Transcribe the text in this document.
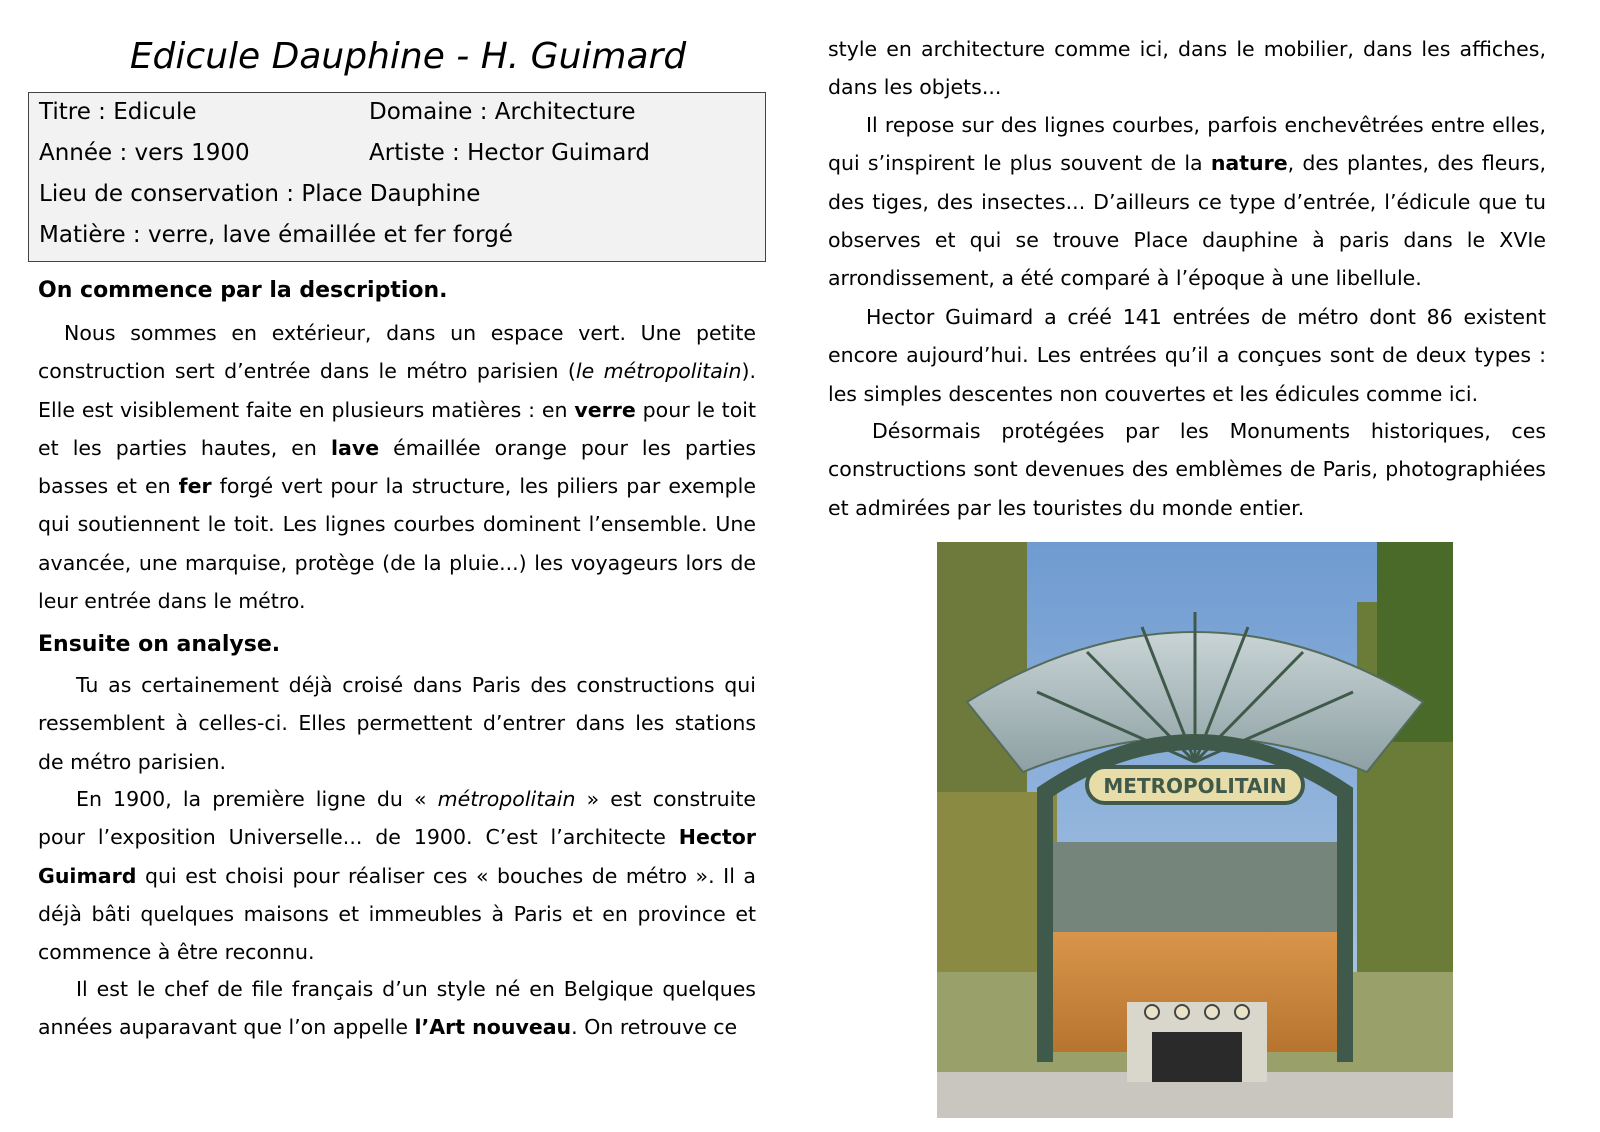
Edicule Dauphine - H. Guimard
Titre : Edicule	Domaine : Architecture
Année : vers 1900	Artiste : Hector Guimard
Lieu de conservation : Place Dauphine
Matière : verre, lave émaillée et fer forgé
On commence par la description.
Nous sommes en extérieur, dans un espace vert. Une petite construction sert d’entrée dans le métro parisien (le métropolitain). Elle est visiblement faite en plusieurs matières : en verre pour le toit et les parties hautes, en lave émaillée orange pour les parties basses et en fer forgé vert pour la structure, les piliers par exemple qui soutiennent le toit. Les lignes courbes dominent l’ensemble. Une avancée, une marquise, protège (de la pluie...) les voyageurs lors de leur entrée dans le métro.
Ensuite on analyse.
Tu as certainement déjà croisé dans Paris des constructions qui ressemblent à celles-ci. Elles permettent d’entrer dans les stations de métro parisien.
En 1900, la première ligne du « métropolitain » est construite pour l’exposition Universelle... de 1900. C’est l’architecte Hector Guimard qui est choisi pour réaliser ces « bouches de métro ». Il a déjà bâti quelques maisons et immeubles à Paris et en province et commence à être reconnu.
Il est le chef de file français d’un style né en Belgique quelques années auparavant que l’on appelle l’Art nouveau. On retrouve ce
style en architecture comme ici, dans le mobilier, dans les affiches, dans les objets...
Il repose sur des lignes courbes, parfois enchevêtrées entre elles, qui s’inspirent le plus souvent de la nature, des plantes, des fleurs, des tiges, des insectes... D’ailleurs ce type d’entrée, l’édicule que tu observes et qui se trouve Place dauphine à paris dans le XVIe arrondissement, a été comparé à l’époque à une libellule.
Hector Guimard a créé 141 entrées de métro dont 86 existent encore aujourd’hui. Les entrées qu’il a conçues sont de deux types : les simples descentes non couvertes et les édicules comme ici.
Désormais protégées par les Monuments historiques, ces constructions sont devenues des emblèmes de Paris, photographiées et admirées par les touristes du monde entier.
METROPOLITAIN
